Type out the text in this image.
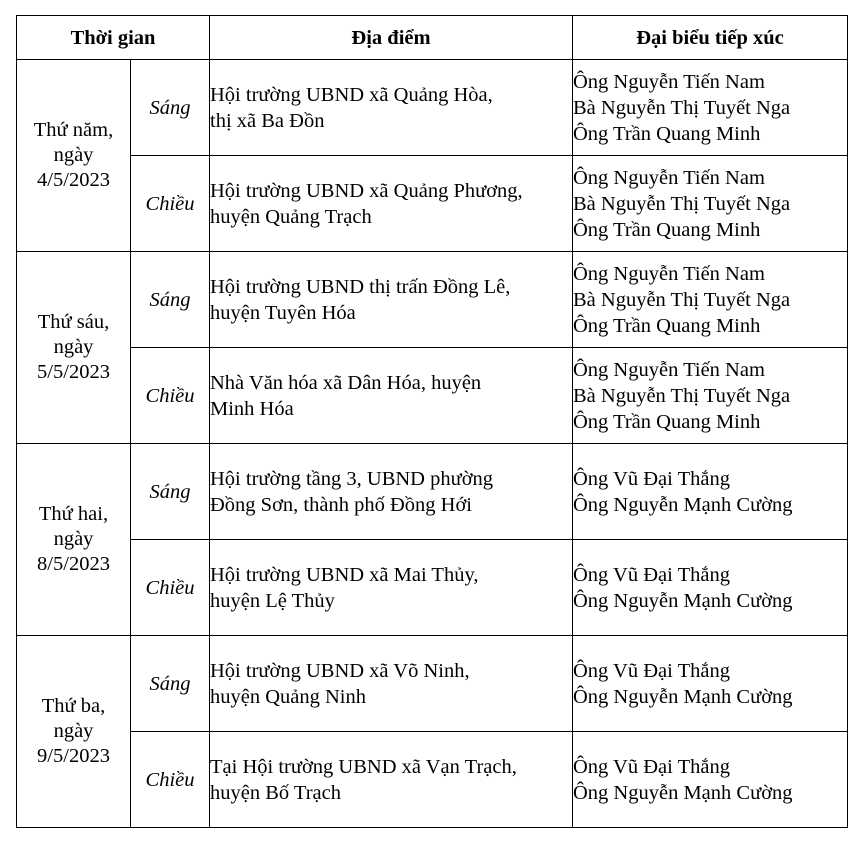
Thời gian		Địa điểm	Đại biểu tiếp xúc

Thứ năm,
ngày
4/5/2023	Sáng	Hội trường UBND xã Quảng Hòa,
thị xã Ba Đồn	Ông Nguyễn Tiến Nam
Bà Nguyễn Thị Tuyết Nga
Ông Trần Quang Minh

	Chiều	Hội trường UBND xã Quảng Phương,
huyện Quảng Trạch	Ông Nguyễn Tiến Nam
Bà Nguyễn Thị Tuyết Nga
Ông Trần Quang Minh

Thứ sáu,
ngày
5/5/2023	Sáng	Hội trường UBND thị trấn Đồng Lê,
huyện Tuyên Hóa	Ông Nguyễn Tiến Nam
Bà Nguyễn Thị Tuyết Nga
Ông Trần Quang Minh

	Chiều	Nhà Văn hóa xã Dân Hóa, huyện
Minh Hóa	Ông Nguyễn Tiến Nam
Bà Nguyễn Thị Tuyết Nga
Ông Trần Quang Minh

Thứ hai,
ngày
8/5/2023	Sáng	Hội trường tầng 3, UBND phường
Đồng Sơn, thành phố Đồng Hới	Ông Vũ Đại Thắng
Ông Nguyễn Mạnh Cường

	Chiều	Hội trường UBND xã Mai Thủy,
huyện Lệ Thủy	Ông Vũ Đại Thắng
Ông Nguyễn Mạnh Cường

Thứ ba,
ngày
9/5/2023	Sáng	Hội trường UBND xã Võ Ninh,
huyện Quảng Ninh	Ông Vũ Đại Thắng
Ông Nguyễn Mạnh Cường

	Chiều	Tại Hội trường UBND xã Vạn Trạch,
huyện Bố Trạch	Ông Vũ Đại Thắng
Ông Nguyễn Mạnh Cường
